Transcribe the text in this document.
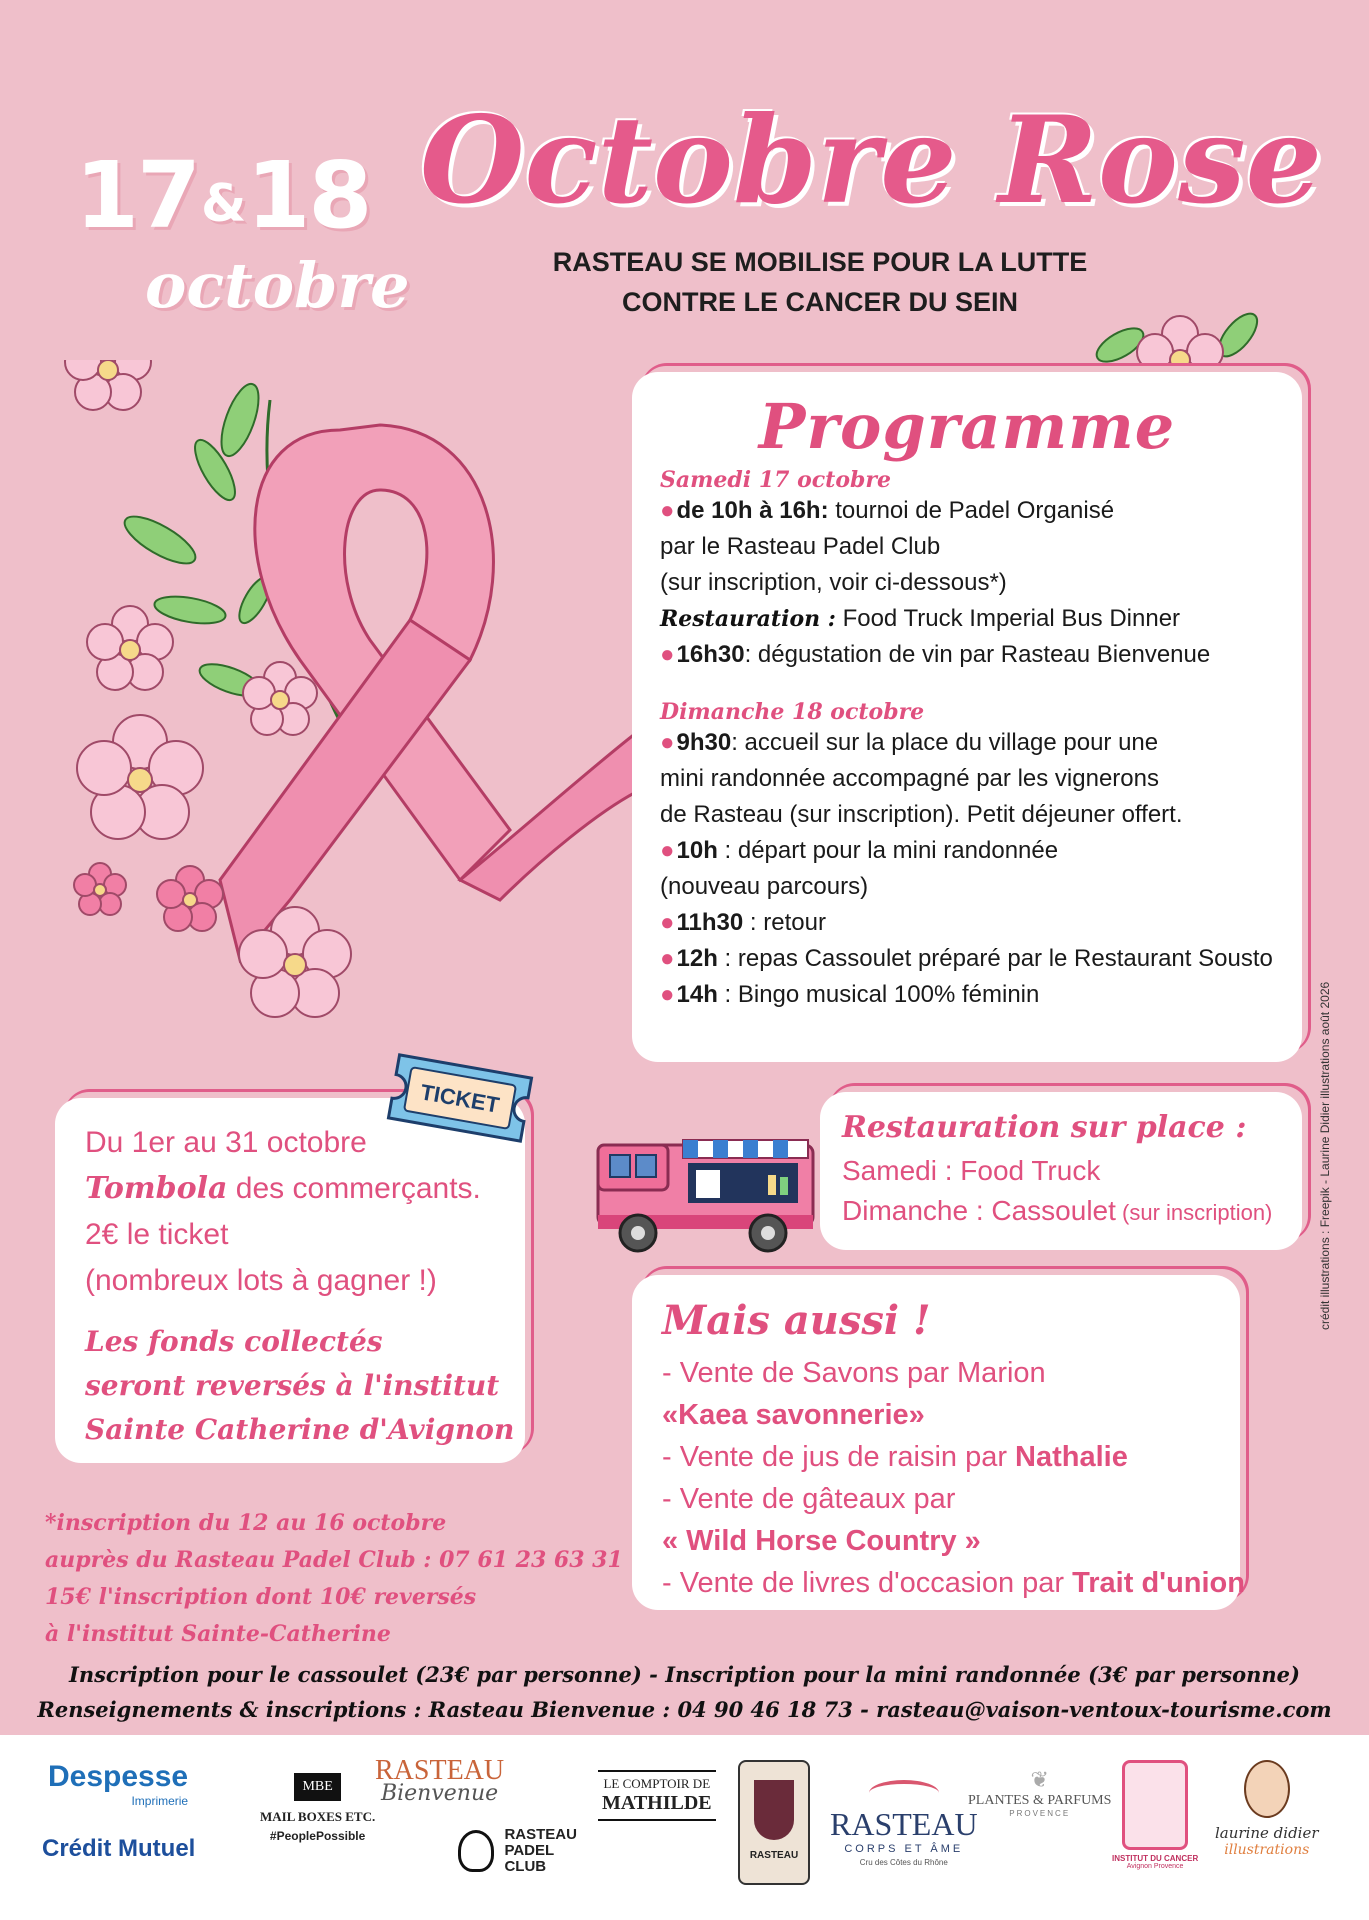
17&18
octobre
Octobre Rose
RASTEAU SE MOBILISE POUR LA LUTTE
CONTRE LE CANCER DU SEIN
Programme
Samedi 17 octobre
●de 10h à 16h: tournoi de Padel Organisé
par le Rasteau Padel Club
(sur inscription, voir ci-dessous*)
Restauration : Food Truck Imperial Bus Dinner
●16h30: dégustation de vin par Rasteau Bienvenue
Dimanche 18 octobre
●9h30: accueil sur la place du village pour une
mini randonnée accompagné par les vignerons
de Rasteau (sur inscription). Petit déjeuner offert.
●10h : départ pour la mini randonnée
(nouveau parcours)
●11h30 : retour
●12h : repas Cassoulet préparé par le Restaurant Sousto
●14h : Bingo musical 100% féminin
Restauration sur place :
Samedi : Food Truck
Dimanche : Cassoulet (sur inscription)
Mais aussi !
- Vente de Savons par Marion
«Kaea savonnerie»
- Vente de jus de raisin par Nathalie
- Vente de gâteaux par
« Wild Horse Country »
- Vente de livres d'occasion par Trait d'union
Du 1er au 31 octobre
Tombola des commerçants.
2€ le ticket
(nombreux lots à gagner !)
Les fonds collectés
seront reversés à l'institut
Sainte Catherine d'Avignon
TICKET
*inscription du 12 au 16 octobre
auprès du Rasteau Padel Club : 07 61 23 63 31
15€ l'inscription dont 10€ reversés
à l'institut Sainte-Catherine
Inscription pour le cassoulet (23€ par personne) - Inscription pour la mini randonnée (3€ par personne)
Renseignements & inscriptions : Rasteau Bienvenue : 04 90 46 18 73 - rasteau@vaison-ventoux-tourisme.com
crédit illustrations : Freepik - Laurine Didier illustrations août 2026
Despesse
Imprimerie
Crédit Mutuel
MBE
MAIL BOXES ETC.
#PeoplePossible
RASTEAU
Bienvenue

RASTEAU
PADEL
CLUB
LE COMPTOIR DE
MATHILDE
RASTEAU
RASTEAU
CORPS ET ÂME
Cru des Côtes du Rhône
❦
PLANTES & PARFUMS
PROVENCE
INSTITUT DU CANCER
Avignon Provence
laurine didier
illustrations
